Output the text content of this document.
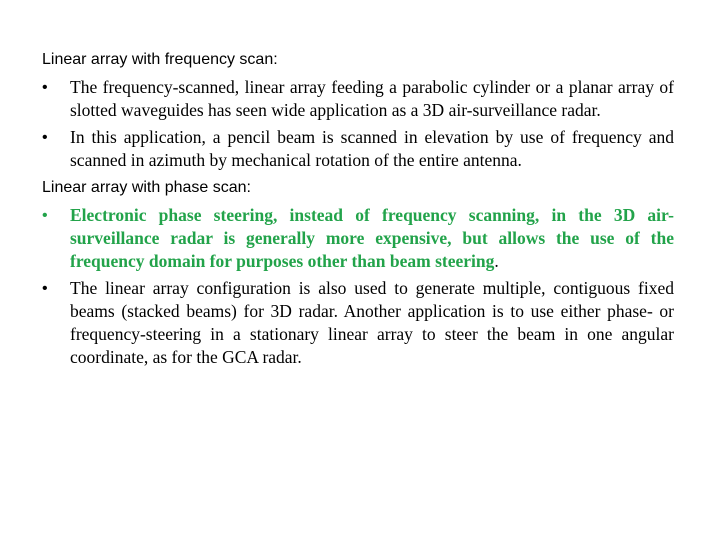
Linear array with frequency scan:
• The frequency-scanned, linear array feeding a parabolic cylinder or a planar array of slotted waveguides has seen wide application as a 3D air-surveillance radar.
• In this application, a pencil beam is scanned in elevation by use of frequency and scanned in azimuth by mechanical rotation of the entire antenna.
Linear array with phase scan:
• Electronic phase steering, instead of frequency scanning, in the 3D air-surveillance radar is generally more expensive, but allows the use of the frequency domain for purposes other than beam steering.
• The linear array configuration is also used to generate multiple, contiguous fixed beams (stacked beams) for 3D radar. Another application is to use either phase- or frequency-steering in a stationary linear array to steer the beam in one angular coordinate, as for the GCA radar.
